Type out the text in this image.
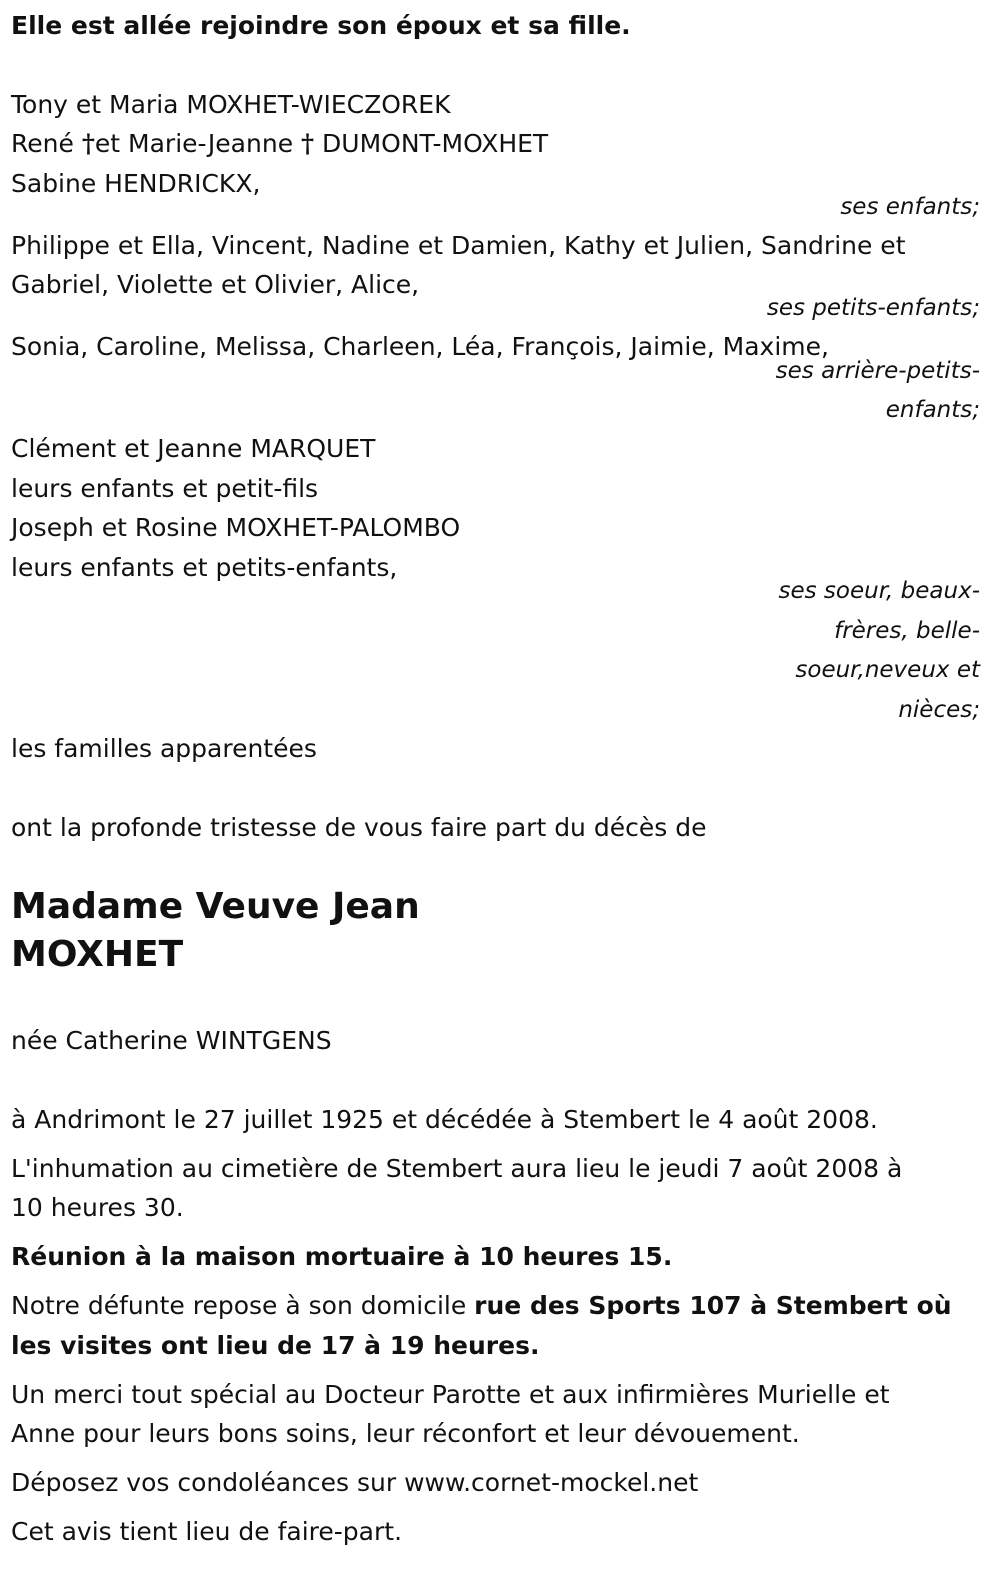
Elle est allée rejoindre son époux et sa fille.
Tony et Maria MOXHET-WIECZOREK
René †et Marie-Jeanne † DUMONT-MOXHET
Sabine HENDRICKX,
ses enfants;
Philippe et Ella, Vincent, Nadine et Damien, Kathy et Julien, Sandrine et
Gabriel, Violette et Olivier, Alice,
ses petits-enfants;
Sonia, Caroline, Melissa, Charleen, Léa, François, Jaimie, Maxime,
ses arrière-petits-
enfants;
Clément et Jeanne MARQUET
leurs enfants et petit-fils
Joseph et Rosine MOXHET-PALOMBO
leurs enfants et petits-enfants,
ses soeur, beaux-
frères, belle-
soeur,neveux et
nièces;
les familles apparentées
ont la profonde tristesse de vous faire part du décès de
Madame Veuve Jean
MOXHET
née Catherine WINTGENS
à Andrimont le 27 juillet 1925 et décédée à Stembert le 4 août 2008.
L'inhumation au cimetière de Stembert aura lieu le jeudi 7 août 2008 à
10 heures 30.
Réunion à la maison mortuaire à 10 heures 15.
Notre défunte repose à son domicile rue des Sports 107 à Stembert où
les visites ont lieu de 17 à 19 heures.
Un merci tout spécial au Docteur Parotte et aux infirmières Murielle et
Anne pour leurs bons soins, leur réconfort et leur dévouement.
Déposez vos condoléances sur www.cornet-mockel.net
Cet avis tient lieu de faire-part.
